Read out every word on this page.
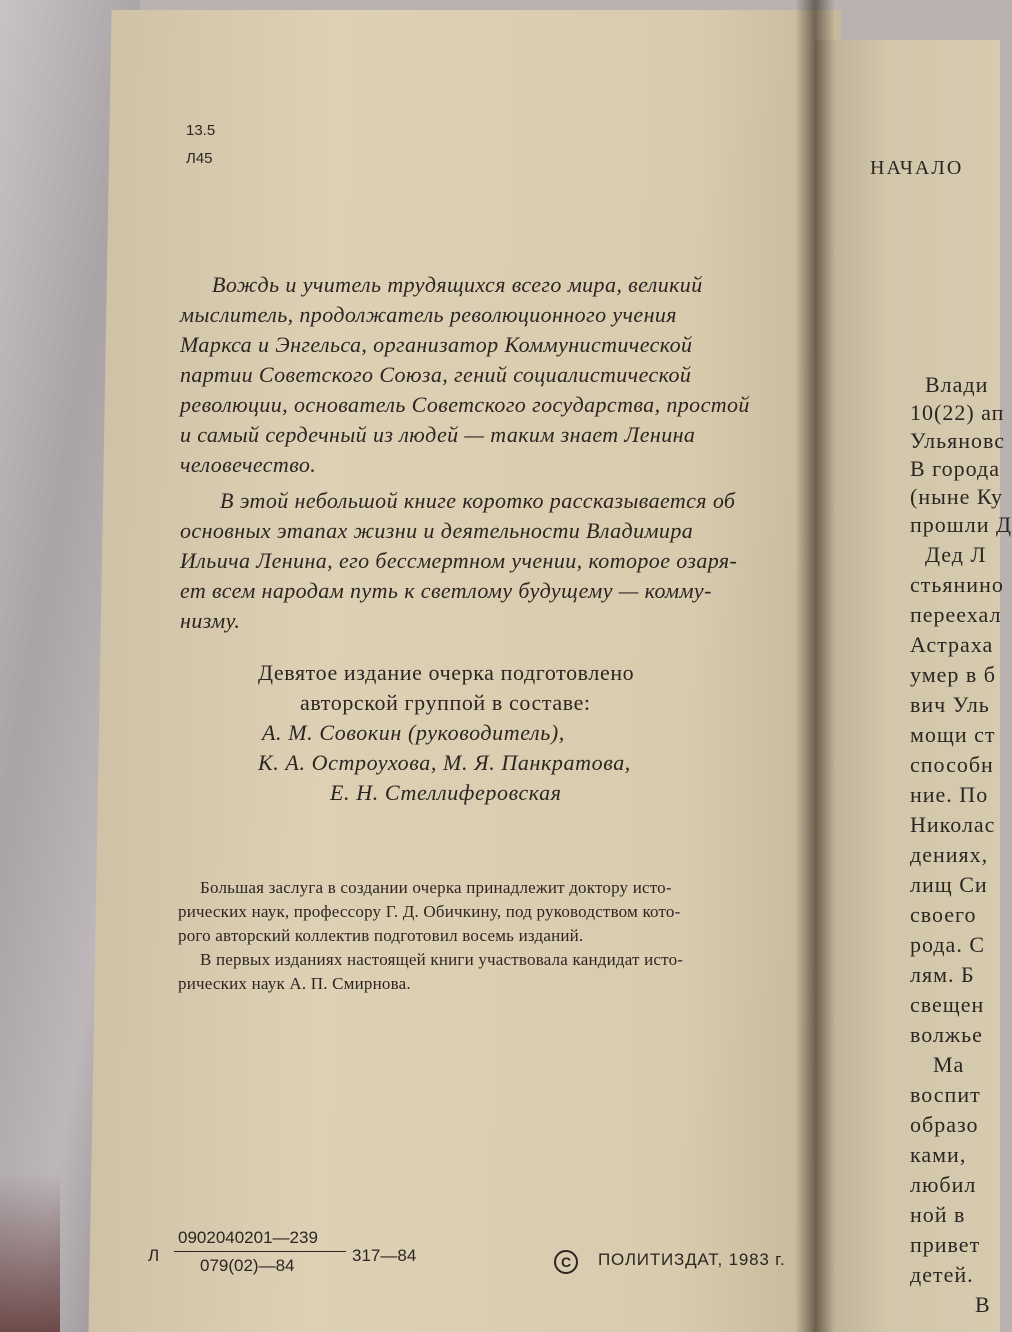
НАЧАЛО
Влади
10(22) ап
Ульяновс
В города
(ныне Ку
прошли Д
Дед Л
стьянино
переехал
Астраха
умер в б
вич Уль
мощи ст
способн
ние. По
Николас
дениях,
лищ Си
своего
рода. С
лям. Б
свещен
волжье
Ма
воспит
образо
ками,
любил
ной в
привет
детей.
В
13.5
Л45
Вождь и учитель трудящихся всего мира, великий
мыслитель, продолжатель революционного учения
Маркса и Энгельса, организатор Коммунистической
партии Советского Союза, гений социалистической
революции, основатель Советского государства, простой
и самый сердечный из людей — таким знает Ленина
человечество.
В этой небольшой книге коротко рассказывается об
основных этапах жизни и деятельности Владимира
Ильича Ленина, его бессмертном учении, которое озаря-
ет всем народам путь к светлому будущему — комму-
низму.
Девятое издание очерка подготовлено
авторской группой в составе:
А. М. Совокин (руководитель),
К. А. Остроухова, М. Я. Панкратова,
Е. Н. Стеллиферовская
Большая заслуга в создании очерка принадлежит доктору исто-
рических наук, профессору Г. Д. Обичкину, под руководством кото-
рого авторский коллектив подготовил восемь изданий.
В первых изданиях настоящей книги участвовала кандидат исто-
рических наук А. П. Смирнова.
Л
0902040201—239
079(02)—84
317—84	C	ПОЛИТИЗДАТ, 1983 г.
